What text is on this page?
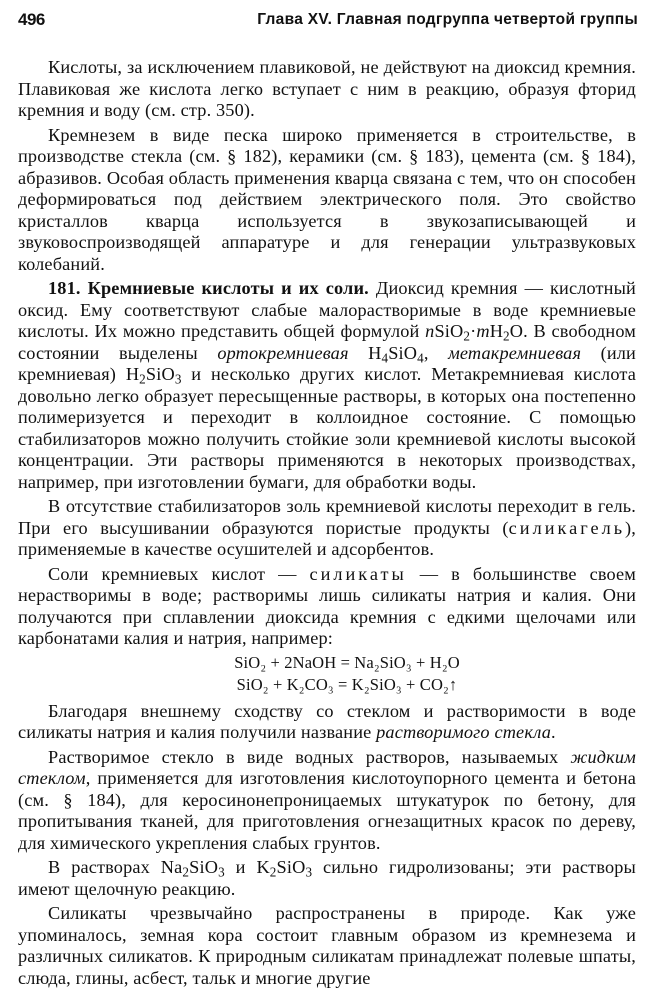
496	Глава XV. Главная подгруппа четвертой группы

Кислоты, за исключением плавиковой, не действуют на диоксид кремния. Плавиковая же кислота легко вступает с ним в реакцию, образуя фторид кремния и воду (см. стр. 350).

Кремнезем в виде песка широко применяется в строительстве, в производстве стекла (см. § 182), керамики (см. § 183), цемента (см. § 184), абразивов. Особая область применения кварца связана с тем, что он способен деформироваться под действием электрического поля. Это свойство кристаллов кварца используется в звукозаписывающей и звуковоспроизводящей аппаратуре и для генерации ультразвуковых колебаний.

181. Кремниевые кислоты и их соли. Диоксид кремния — кислотный оксид. Ему соответствуют слабые малорастворимые в воде кремниевые кислоты. Их можно представить общей формулой $nSiO_2\cdot mH_2O$. В свободном состоянии выделены ортокремниевая $H_4SiO_4$, метакремниевая (или кремниевая) $H_2SiO_3$ и несколько других кислот. Метакремниевая кислота довольно легко образует пересыщенные растворы, в которых она постепенно полимеризуется и переходит в коллоидное состояние. С помощью стабилизаторов можно получить стойкие золи кремниевой кислоты высокой концентрации. Эти растворы применяются в некоторых производствах, например, при изготовлении бумаги, для обработки воды.

В отсутствие стабилизаторов золь кремниевой кислоты переходит в гель. При его высушивании образуются пористые продукты (силикагель), применяемые в качестве осушителей и адсорбентов.

Соли кремниевых кислот — силикаты — в большинстве своем нерастворимы в воде; растворимы лишь силикаты натрия и калия. Они получаются при сплавлении диоксида кремния с едкими щелочами или карбонатами калия и натрия, например:

SiO₂ + 2NaOH = Na₂SiO₃ + H₂O
SiO₂ + K₂CO₃ = K₂SiO₃ + CO₂↑

Благодаря внешнему сходству со стеклом и растворимости в воде силикаты натрия и калия получили название растворимого стекла.

Растворимое стекло в виде водных растворов, называемых жидким стеклом, применяется для изготовления кислотоупорного цемента и бетона (см. § 184), для керосинонепроницаемых штукатурок по бетону, для пропитывания тканей, для приготовления огнезащитных красок по дереву, для химического укрепления слабых грунтов.

В растворах $Na_2SiO_3$ и $K_2SiO_3$ сильно гидролизованы; эти растворы имеют щелочную реакцию.

Силикаты чрезвычайно распространены в природе. Как уже упоминалось, земная кора состоит главным образом из кремнезема и различных силикатов. К природным силикатам принадлежат полевые шпаты, слюда, глины, асбест, тальк и многие другие
